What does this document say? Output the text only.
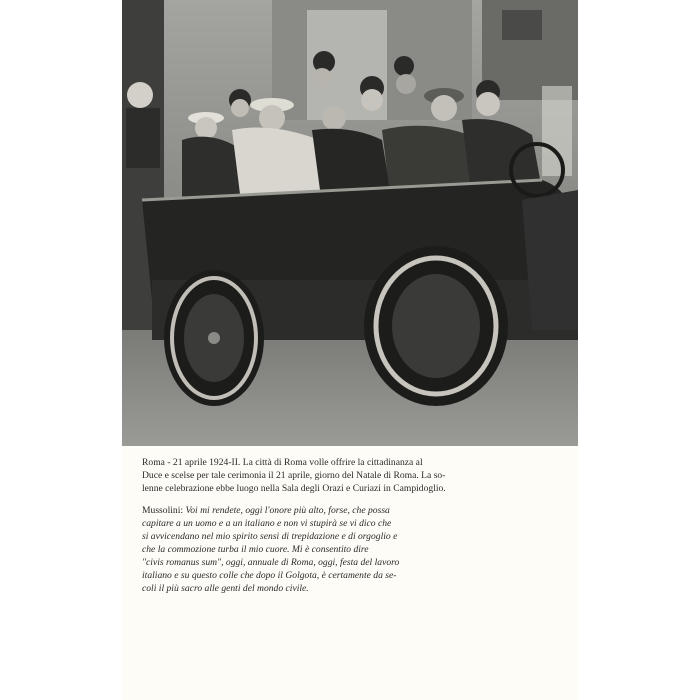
Roma - 21 aprile 1924-II. La città di Roma volle offrire la cittadinanza al
Duce e scelse per tale cerimonia il 21 aprile, giorno del Natale di Roma. La so-
lenne celebrazione ebbe luogo nella Sala degli Orazi e Curiazi in Campidoglio.

Mussolini: Voi mi rendete, oggi l'onore più alto, forse, che possa
capitare a un uomo e a un italiano e non vi stupirà se vi dico che
si avvicendano nel mio spirito sensi di trepidazione e di orgoglio e
che la commozione turba il mio cuore. Mi è consentito dire
"civis romanus sum", oggi, annuale di Roma, oggi, festa del lavoro
italiano e su questo colle che dopo il Golgota, è certamente da se-
coli il più sacro alle genti del mondo civile.
